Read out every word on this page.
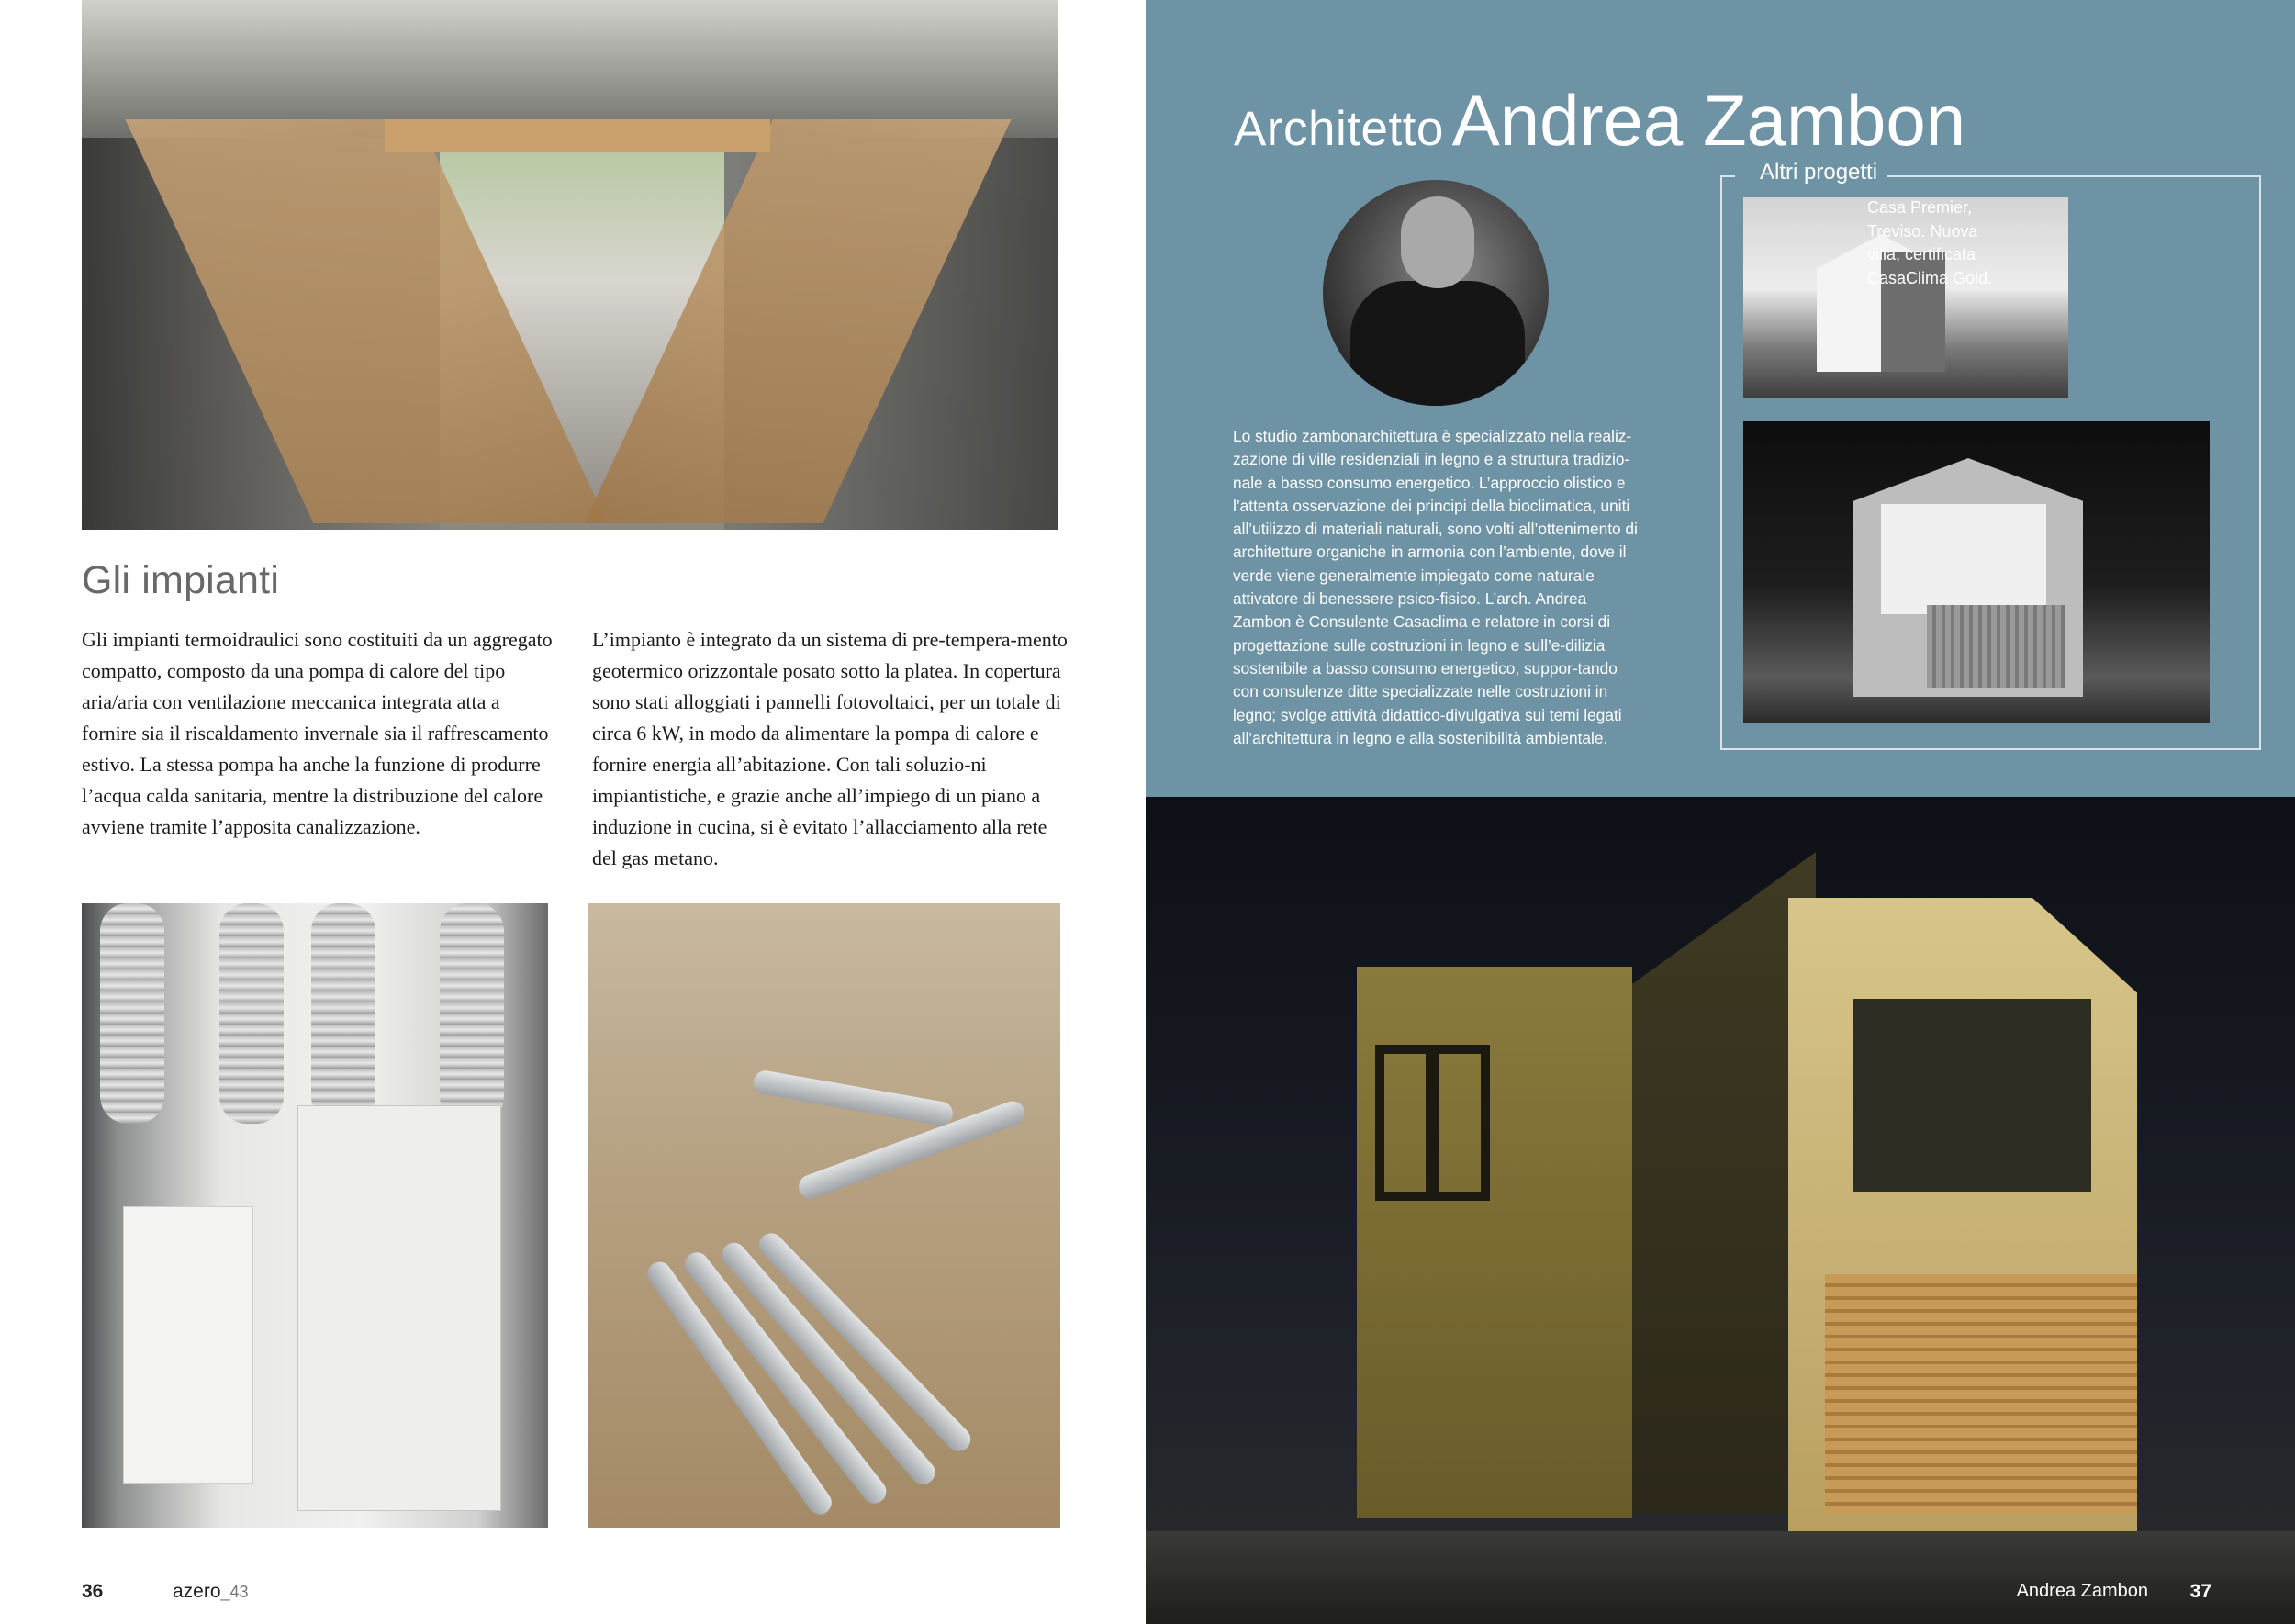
Gli impianti

Gli impianti termoidraulici sono costituiti da un aggregato compatto, composto da una pompa di calore del tipo aria/aria con ventilazione meccanica integrata atta a fornire sia il riscaldamento invernale sia il raffrescamento estivo. La stessa pompa ha anche la funzione di produrre l’acqua calda sanitaria, mentre la distribuzione del calore avviene tramite l’apposita canalizzazione.

L’impianto è integrato da un sistema di pre-tempera-mento geotermico orizzontale posato sotto la platea. In copertura sono stati alloggiati i pannelli fotovoltaici, per un totale di circa 6 kW, in modo da alimentare la pompa di calore e fornire energia all’abitazione. Con tali soluzio-ni impiantistiche, e grazie anche all’impiego di un piano a induzione in cucina, si è evitato l’allacciamento alla rete del gas metano.

36	azero_43
Architetto Andrea Zambon
Altri progetti

Lo studio zambonarchitettura è specializzato nella realiz-zazione di ville residenziali in legno e a struttura tradizio-nale a basso consumo energetico. L’approccio olistico e l’attenta osservazione dei principi della bioclimatica, uniti all’utilizzo di materiali naturali, sono volti all’ottenimento di architetture organiche in armonia con l’ambiente, dove il verde viene generalmente impiegato come naturale attivatore di benessere psico-fisico. L’arch. Andrea Zambon è Consulente Casaclima e relatore in corsi di progettazione sulle costruzioni in legno e sull’e-dilizia sostenibile a basso consumo energetico, suppor-tando con consulenze ditte specializzate nelle costruzioni in legno; svolge attività didattico-divulgativa sui temi legati all’architettura in legno e alla sostenibilità ambientale.

Andrea Zambon 37

Casa Premier, Treviso. Nuova villa, certificata CasaClima Gold.
